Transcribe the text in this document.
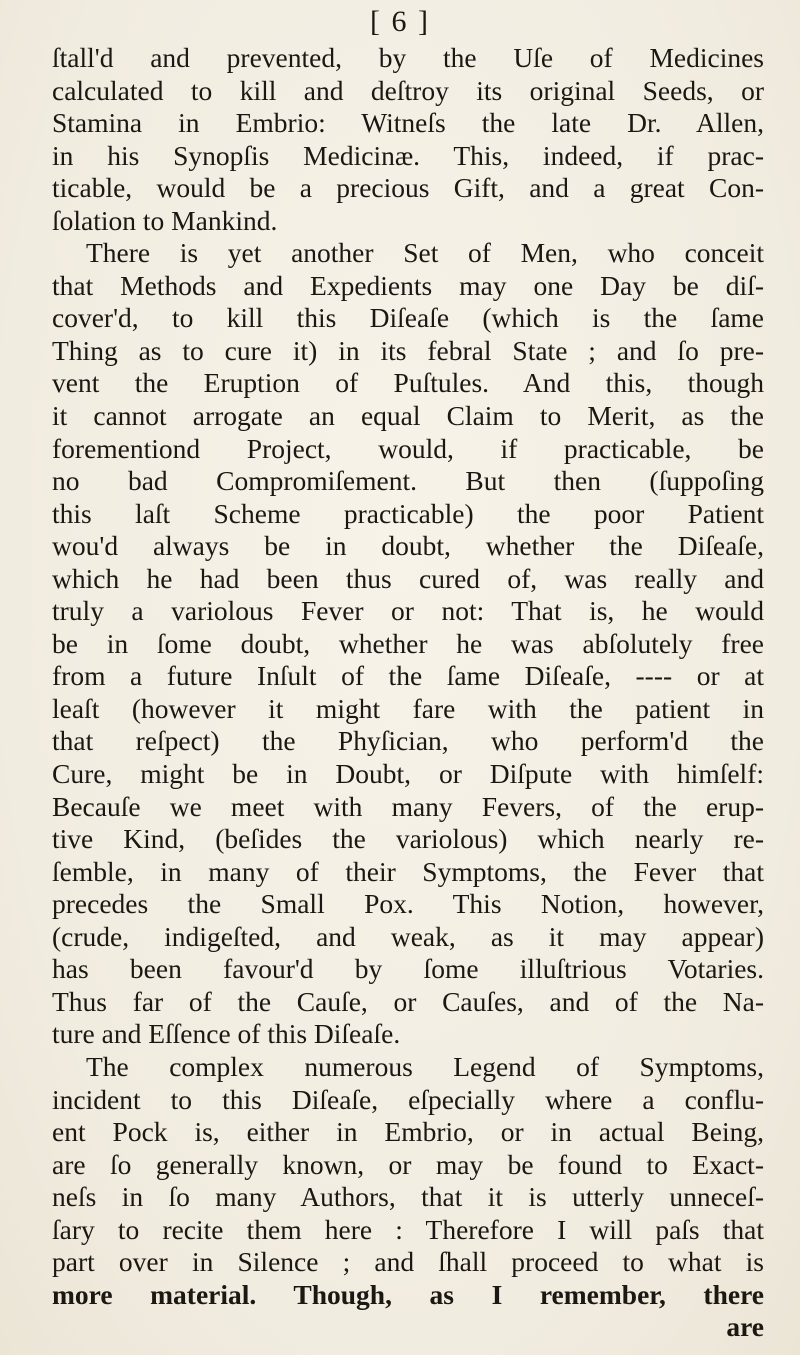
[ 6 ]
ſtall'd and prevented, by the Uſe of Medicines
calculated to kill and deſtroy its original Seeds, or
Stamina in Embrio: Witneſs the late Dr. Allen,
in his Synopſis Medicinæ. This, indeed, if prac-
ticable, would be a precious Gift, and a great Con-
ſolation to Mankind.
There is yet another Set of Men, who conceit
that Methods and Expedients may one Day be diſ-
cover'd, to kill this Diſeaſe (which is the ſame
Thing as to cure it) in its febral State ; and ſo pre-
vent the Eruption of Puſtules. And this, though
it cannot arrogate an equal Claim to Merit, as the
forementiond Project, would, if practicable, be
no bad Compromiſement. But then (ſuppoſing
this laſt Scheme practicable) the poor Patient
wou'd always be in doubt, whether the Diſeaſe,
which he had been thus cured of, was really and
truly a variolous Fever or not: That is, he would
be in ſome doubt, whether he was abſolutely free
from a future Inſult of the ſame Diſeaſe, ---- or at
leaſt (however it might fare with the patient in
that reſpect) the Phyſician, who perform'd the
Cure, might be in Doubt, or Diſpute with himſelf:
Becauſe we meet with many Fevers, of the erup-
tive Kind, (beſides the variolous) which nearly re-
ſemble, in many of their Symptoms, the Fever that
precedes the Small Pox. This Notion, however,
(crude, indigeſted, and weak, as it may appear)
has been favour'd by ſome illuſtrious Votaries.
Thus far of the Cauſe, or Cauſes, and of the Na-
ture and Eſſence of this Diſeaſe.
The complex numerous Legend of Symptoms,
incident to this Diſeaſe, eſpecially where a conflu-
ent Pock is, either in Embrio, or in actual Being,
are ſo generally known, or may be found to Exact-
neſs in ſo many Authors, that it is utterly unneceſ-
ſary to recite them here : Therefore I will paſs that
part over in Silence ; and ſhall proceed to what is
more material. Though, as I remember, there
are
